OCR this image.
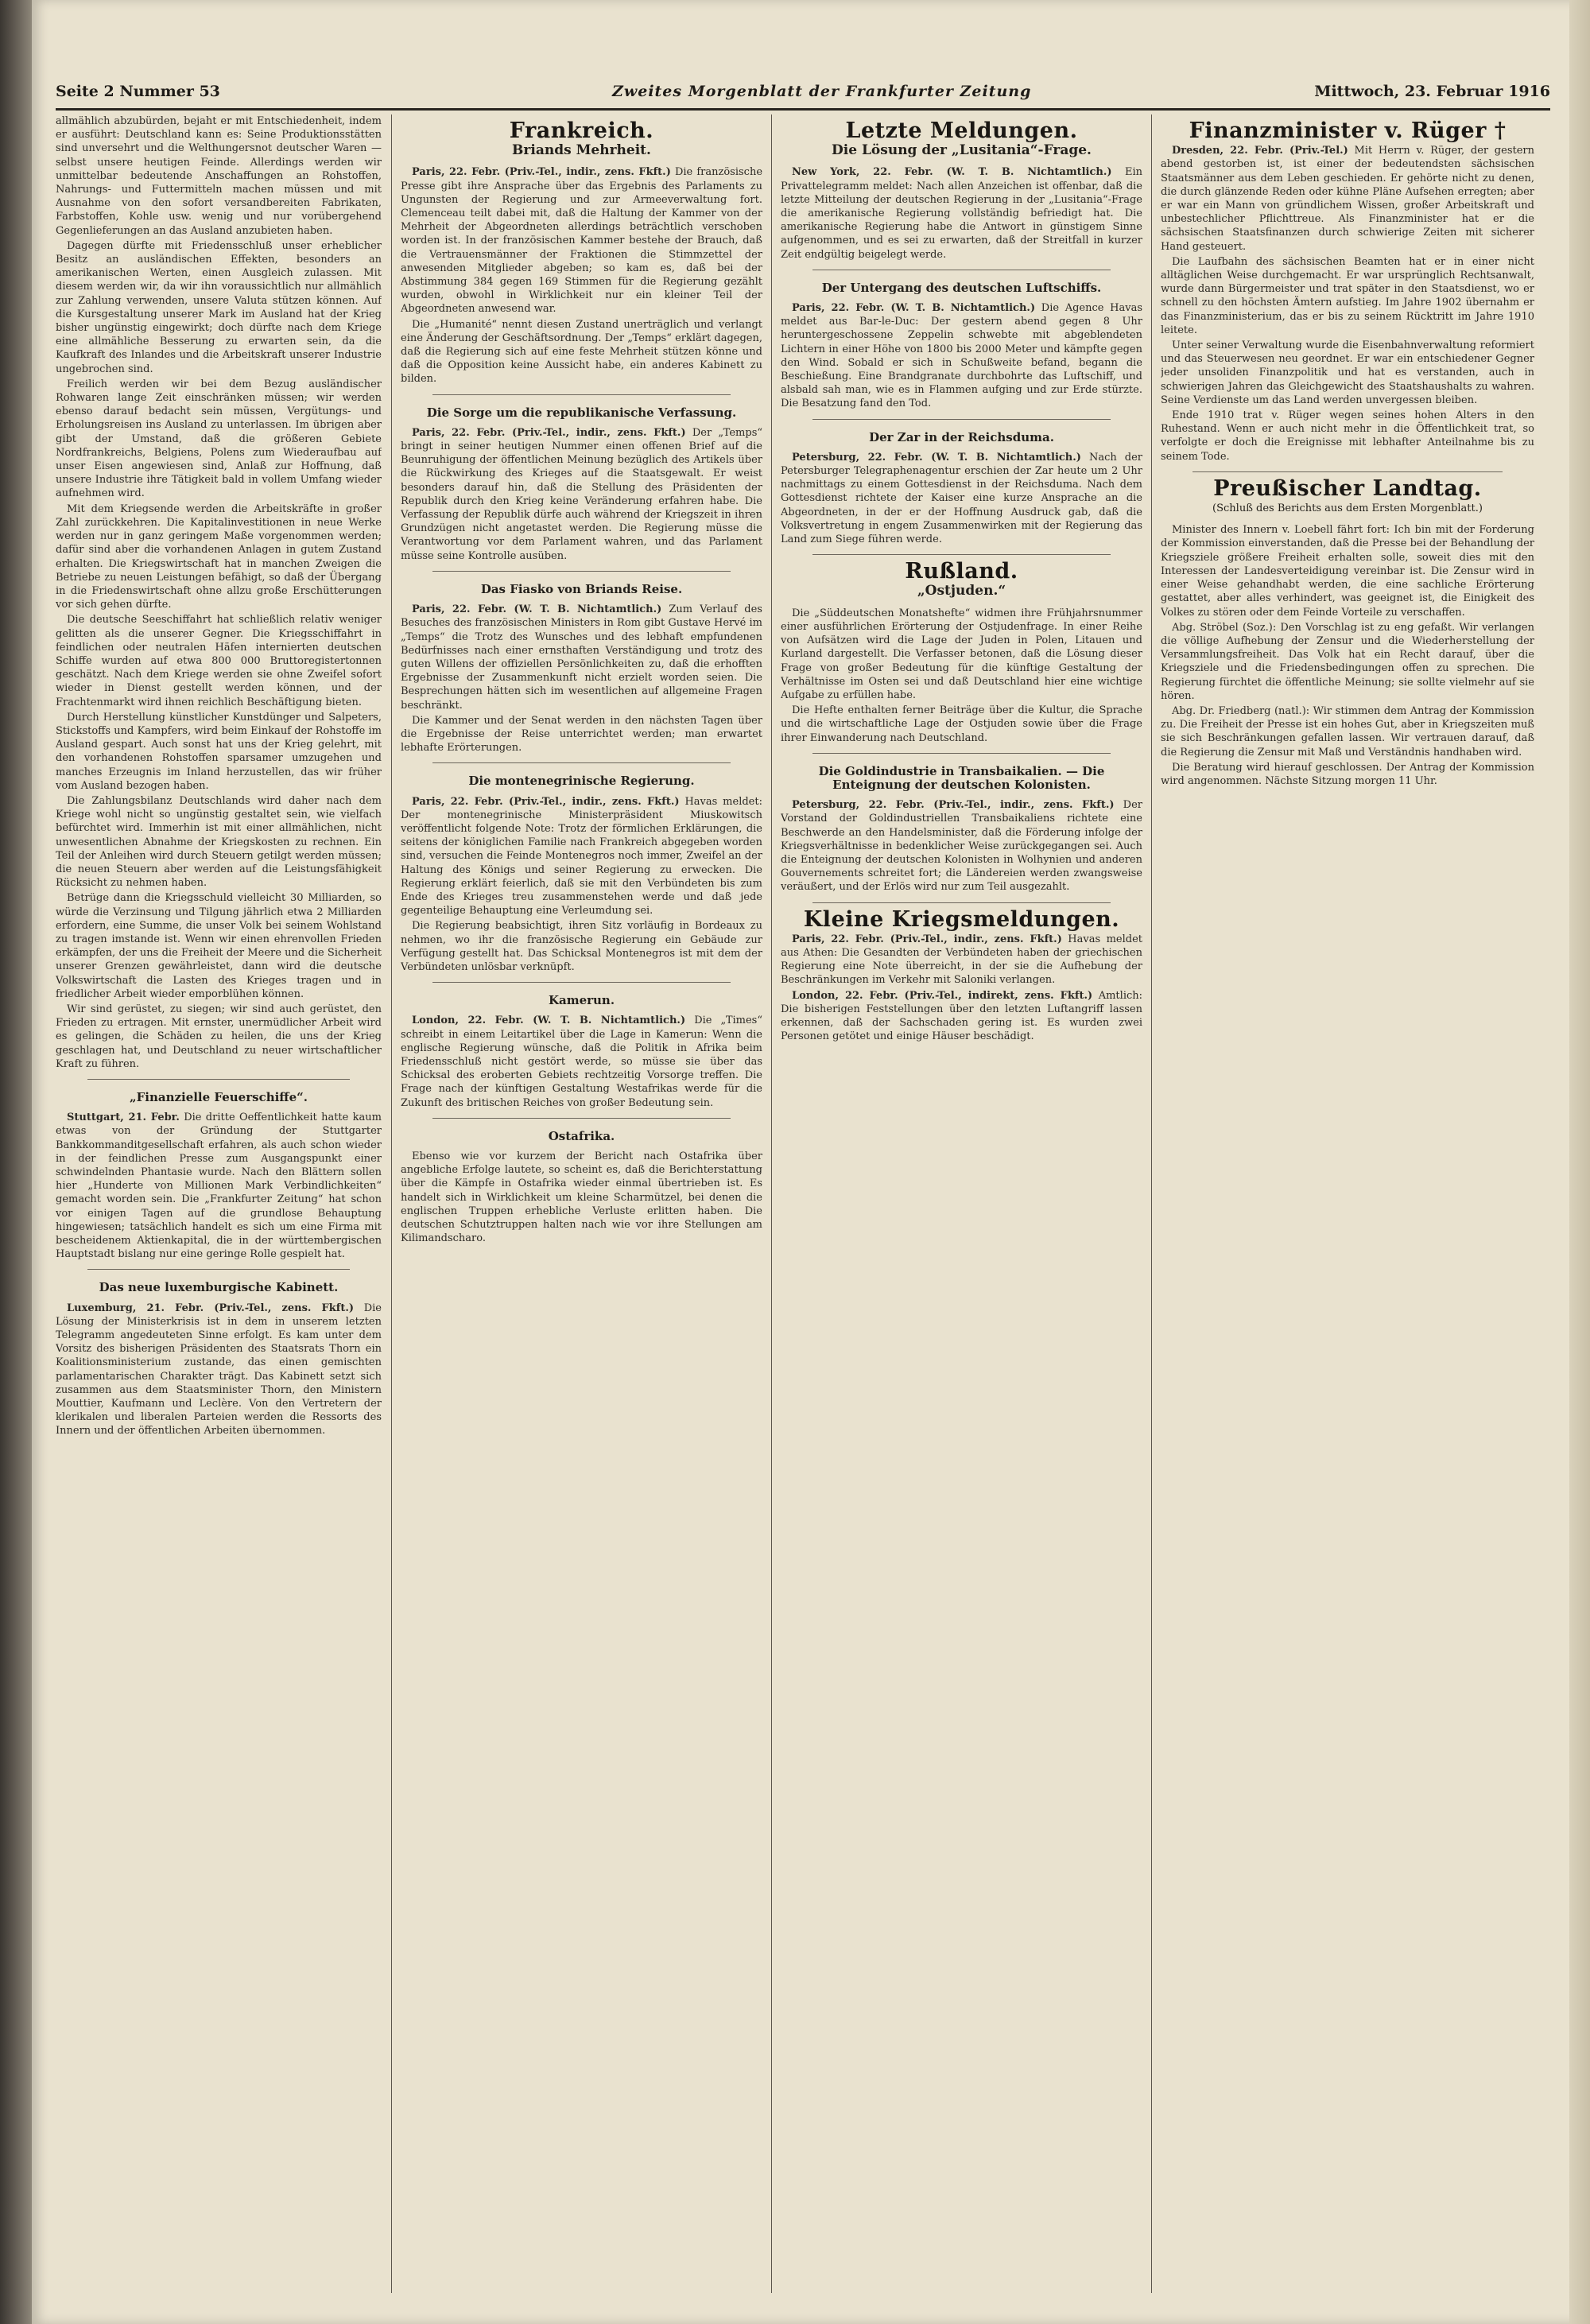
Seite 2 Nummer 53	Zweites Morgenblatt der Frankfurter Zeitung	Mittwoch, 23. Februar 1916

allmählich abzubürden, bejaht er mit Entschiedenheit, indem er ausführt: Deutschland kann es: Seine Produktionsstätten sind unversehrt und die Welthungersnot deutscher Waren — selbst unsere heutigen Feinde. Allerdings werden wir unmittelbar bedeutende Anschaffungen an Rohstoffen, Nahrungs- und Futtermitteln machen müssen und mit Ausnahme von den sofort versandbereiten Fabrikaten, Farbstoffen, Kohle usw. wenig und nur vorübergehend Gegenlieferungen an das Ausland anzubieten haben.

Dagegen dürfte mit Friedensschluß unser erheblicher Besitz an ausländischen Effekten, besonders an amerikanischen Werten, einen Ausgleich zulassen. Mit diesem werden wir, da wir ihn voraussichtlich nur allmählich zur Zahlung verwenden, unsere Valuta stützen können. Auf die Kursgestaltung unserer Mark im Ausland hat der Krieg bisher ungünstig eingewirkt; doch dürfte nach dem Kriege eine allmähliche Besserung zu erwarten sein, da die Kaufkraft des Inlandes und die Arbeitskraft unserer Industrie ungebrochen sind.

Freilich werden wir bei dem Bezug ausländischer Rohwaren lange Zeit einschränken müssen; wir werden ebenso darauf bedacht sein müssen, Vergütungs- und Erholungsreisen ins Ausland zu unterlassen. Im übrigen aber gibt der Umstand, daß die größeren Gebiete Nordfrankreichs, Belgiens, Polens zum Wiederaufbau auf unser Eisen angewiesen sind, Anlaß zur Hoffnung, daß unsere Industrie ihre Tätigkeit bald in vollem Umfang wieder aufnehmen wird.

Mit dem Kriegsende werden die Arbeitskräfte in großer Zahl zurückkehren. Die Kapitalinvestitionen in neue Werke werden nur in ganz geringem Maße vorgenommen werden; dafür sind aber die vorhandenen Anlagen in gutem Zustand erhalten. Die Kriegswirtschaft hat in manchen Zweigen die Betriebe zu neuen Leistungen befähigt, so daß der Übergang in die Friedenswirtschaft ohne allzu große Erschütterungen vor sich gehen dürfte.

Die deutsche Seeschiffahrt hat schließlich relativ weniger gelitten als die unserer Gegner. Die Kriegsschiffahrt in feindlichen oder neutralen Häfen internierten deutschen Schiffe wurden auf etwa 800 000 Bruttoregistertonnen geschätzt. Nach dem Kriege werden sie ohne Zweifel sofort wieder in Dienst gestellt werden können, und der Frachtenmarkt wird ihnen reichlich Beschäftigung bieten.

Durch Herstellung künstlicher Kunstdünger und Salpeters, Stickstoffs und Kampfers, wird beim Einkauf der Rohstoffe im Ausland gespart. Auch sonst hat uns der Krieg gelehrt, mit den vorhandenen Rohstoffen sparsamer umzugehen und manches Erzeugnis im Inland herzustellen, das wir früher vom Ausland bezogen haben.

Die Zahlungsbilanz Deutschlands wird daher nach dem Kriege wohl nicht so ungünstig gestaltet sein, wie vielfach befürchtet wird. Immerhin ist mit einer allmählichen, nicht unwesentlichen Abnahme der Kriegskosten zu rechnen. Ein Teil der Anleihen wird durch Steuern getilgt werden müssen; die neuen Steuern aber werden auf die Leistungsfähigkeit Rücksicht zu nehmen haben.

Betrüge dann die Kriegsschuld vielleicht 30 Milliarden, so würde die Verzinsung und Tilgung jährlich etwa 2 Milliarden erfordern, eine Summe, die unser Volk bei seinem Wohlstand zu tragen imstande ist. Wenn wir einen ehrenvollen Frieden erkämpfen, der uns die Freiheit der Meere und die Sicherheit unserer Grenzen gewährleistet, dann wird die deutsche Volkswirtschaft die Lasten des Krieges tragen und in friedlicher Arbeit wieder emporblühen können.

Wir sind gerüstet, zu siegen; wir sind auch gerüstet, den Frieden zu ertragen. Mit ernster, unermüdlicher Arbeit wird es gelingen, die Schäden zu heilen, die uns der Krieg geschlagen hat, und Deutschland zu neuer wirtschaftlicher Kraft zu führen.

„Finanzielle Feuerschiffe“.

Stuttgart, 21. Febr. Die dritte Oeffentlichkeit hatte kaum etwas von der Gründung der Stuttgarter Bankkommanditgesellschaft erfahren, als auch schon wieder in der feindlichen Presse zum Ausgangspunkt einer schwindelnden Phantasie wurde. Nach den Blättern sollen hier „Hunderte von Millionen Mark Verbindlichkeiten“ gemacht worden sein. Die „Frankfurter Zeitung“ hat schon vor einigen Tagen auf die grundlose Behauptung hingewiesen; tatsächlich handelt es sich um eine Firma mit bescheidenem Aktienkapital, die in der württembergischen Hauptstadt bislang nur eine geringe Rolle gespielt hat.

Das neue luxemburgische Kabinett.

Luxemburg, 21. Febr. (Priv.-Tel., zens. Fkft.) Die Lösung der Ministerkrisis ist in dem in unserem letzten Telegramm angedeuteten Sinne erfolgt. Es kam unter dem Vorsitz des bisherigen Präsidenten des Staatsrats Thorn ein Koalitionsministerium zustande, das einen gemischten parlamentarischen Charakter trägt. Das Kabinett setzt sich zusammen aus dem Staatsminister Thorn, den Ministern Mouttier, Kaufmann und Leclère. Von den Vertretern der klerikalen und liberalen Parteien werden die Ressorts des Innern und der öffentlichen Arbeiten übernommen.

Frankreich.
Briands Mehrheit.

Paris, 22. Febr. (Priv.-Tel., indir., zens. Fkft.) Die französische Presse gibt ihre Ansprache über das Ergebnis des Parlaments zu Ungunsten der Regierung und zur Armeeverwaltung fort. Clemenceau teilt dabei mit, daß die Haltung der Kammer von der Mehrheit der Abgeordneten allerdings beträchtlich verschoben worden ist. In der französischen Kammer bestehe der Brauch, daß die Vertrauensmänner der Fraktionen die Stimmzettel der anwesenden Mitglieder abgeben; so kam es, daß bei der Abstimmung 384 gegen 169 Stimmen für die Regierung gezählt wurden, obwohl in Wirklichkeit nur ein kleiner Teil der Abgeordneten anwesend war.

Die „Humanité“ nennt diesen Zustand unerträglich und verlangt eine Änderung der Geschäftsordnung. Der „Temps“ erklärt dagegen, daß die Regierung sich auf eine feste Mehrheit stützen könne und daß die Opposition keine Aussicht habe, ein anderes Kabinett zu bilden.

Die Sorge um die republikanische Verfassung.

Paris, 22. Febr. (Priv.-Tel., indir., zens. Fkft.) Der „Temps“ bringt in seiner heutigen Nummer einen offenen Brief auf die Beunruhigung der öffentlichen Meinung bezüglich des Artikels über die Rückwirkung des Krieges auf die Staatsgewalt. Er weist besonders darauf hin, daß die Stellung des Präsidenten der Republik durch den Krieg keine Veränderung erfahren habe. Die Verfassung der Republik dürfe auch während der Kriegszeit in ihren Grundzügen nicht angetastet werden. Die Regierung müsse die Verantwortung vor dem Parlament wahren, und das Parlament müsse seine Kontrolle ausüben.

Das Fiasko von Briands Reise.

Paris, 22. Febr. (W. T. B. Nichtamtlich.) Zum Verlauf des Besuches des französischen Ministers in Rom gibt Gustave Hervé im „Temps“ die Trotz des Wunsches und des lebhaft empfundenen Bedürfnisses nach einer ernsthaften Verständigung und trotz des guten Willens der offiziellen Persönlichkeiten zu, daß die erhofften Ergebnisse der Zusammenkunft nicht erzielt worden seien. Die Besprechungen hätten sich im wesentlichen auf allgemeine Fragen beschränkt.

Die Kammer und der Senat werden in den nächsten Tagen über die Ergebnisse der Reise unterrichtet werden; man erwartet lebhafte Erörterungen.

Die montenegrinische Regierung.

Paris, 22. Febr. (Priv.-Tel., indir., zens. Fkft.) Havas meldet: Der montenegrinische Ministerpräsident Miuskowitsch veröffentlicht folgende Note: Trotz der förmlichen Erklärungen, die seitens der königlichen Familie nach Frankreich abgegeben worden sind, versuchen die Feinde Montenegros noch immer, Zweifel an der Haltung des Königs und seiner Regierung zu erwecken. Die Regierung erklärt feierlich, daß sie mit den Verbündeten bis zum Ende des Krieges treu zusammenstehen werde und daß jede gegenteilige Behauptung eine Verleumdung sei.

Die Regierung beabsichtigt, ihren Sitz vorläufig in Bordeaux zu nehmen, wo ihr die französische Regierung ein Gebäude zur Verfügung gestellt hat. Das Schicksal Montenegros ist mit dem der Verbündeten unlösbar verknüpft.

Kamerun.

London, 22. Febr. (W. T. B. Nichtamtlich.) Die „Times“ schreibt in einem Leitartikel über die Lage in Kamerun: Wenn die englische Regierung wünsche, daß die Politik in Afrika beim Friedensschluß nicht gestört werde, so müsse sie über das Schicksal des eroberten Gebiets rechtzeitig Vorsorge treffen. Die Frage nach der künftigen Gestaltung Westafrikas werde für die Zukunft des britischen Reiches von großer Bedeutung sein.

Ostafrika.

Ebenso wie vor kurzem der Bericht nach Ostafrika über angebliche Erfolge lautete, so scheint es, daß die Berichterstattung über die Kämpfe in Ostafrika wieder einmal übertrieben ist. Es handelt sich in Wirklichkeit um kleine Scharmützel, bei denen die englischen Truppen erhebliche Verluste erlitten haben. Die deutschen Schutztruppen halten nach wie vor ihre Stellungen am Kilimandscharo.

Letzte Meldungen.
Die Lösung der „Lusitania“-Frage.

New York, 22. Febr. (W. T. B. Nichtamtlich.) Ein Privattelegramm meldet: Nach allen Anzeichen ist offenbar, daß die letzte Mitteilung der deutschen Regierung in der „Lusitania“-Frage die amerikanische Regierung vollständig befriedigt hat. Die amerikanische Regierung habe die Antwort in günstigem Sinne aufgenommen, und es sei zu erwarten, daß der Streitfall in kurzer Zeit endgültig beigelegt werde.

Der Untergang des deutschen Luftschiffs.

Paris, 22. Febr. (W. T. B. Nichtamtlich.) Die Agence Havas meldet aus Bar-le-Duc: Der gestern abend gegen 8 Uhr heruntergeschossene Zeppelin schwebte mit abgeblendeten Lichtern in einer Höhe von 1800 bis 2000 Meter und kämpfte gegen den Wind. Sobald er sich in Schußweite befand, begann die Beschießung. Eine Brandgranate durchbohrte das Luftschiff, und alsbald sah man, wie es in Flammen aufging und zur Erde stürzte. Die Besatzung fand den Tod.

Der Zar in der Reichsduma.

Petersburg, 22. Febr. (W. T. B. Nichtamtlich.) Nach der Petersburger Telegraphenagentur erschien der Zar heute um 2 Uhr nachmittags zu einem Gottesdienst in der Reichsduma. Nach dem Gottesdienst richtete der Kaiser eine kurze Ansprache an die Abgeordneten, in der er der Hoffnung Ausdruck gab, daß die Volksvertretung in engem Zusammenwirken mit der Regierung das Land zum Siege führen werde.

Rußland.
„Ostjuden.“

Die „Süddeutschen Monatshefte“ widmen ihre Frühjahrsnummer einer ausführlichen Erörterung der Ostjudenfrage. In einer Reihe von Aufsätzen wird die Lage der Juden in Polen, Litauen und Kurland dargestellt. Die Verfasser betonen, daß die Lösung dieser Frage von großer Bedeutung für die künftige Gestaltung der Verhältnisse im Osten sei und daß Deutschland hier eine wichtige Aufgabe zu erfüllen habe.

Die Hefte enthalten ferner Beiträge über die Kultur, die Sprache und die wirtschaftliche Lage der Ostjuden sowie über die Frage ihrer Einwanderung nach Deutschland.

Die Goldindustrie in Transbaikalien. — Die Enteignung der deutschen Kolonisten.

Petersburg, 22. Febr. (Priv.-Tel., indir., zens. Fkft.) Der Vorstand der Goldindustriellen Transbaikaliens richtete eine Beschwerde an den Handelsminister, daß die Förderung infolge der Kriegsverhältnisse in bedenklicher Weise zurückgegangen sei. Auch die Enteignung der deutschen Kolonisten in Wolhynien und anderen Gouvernements schreitet fort; die Ländereien werden zwangsweise veräußert, und der Erlös wird nur zum Teil ausgezahlt.

Kleine Kriegsmeldungen.

Paris, 22. Febr. (Priv.-Tel., indir., zens. Fkft.) Havas meldet aus Athen: Die Gesandten der Verbündeten haben der griechischen Regierung eine Note überreicht, in der sie die Aufhebung der Beschränkungen im Verkehr mit Saloniki verlangen.

London, 22. Febr. (Priv.-Tel., indirekt, zens. Fkft.) Amtlich: Die bisherigen Feststellungen über den letzten Luftangriff lassen erkennen, daß der Sachschaden gering ist. Es wurden zwei Personen getötet und einige Häuser beschädigt.

Finanzminister v. Rüger †

Dresden, 22. Febr. (Priv.-Tel.) Mit Herrn v. Rüger, der gestern abend gestorben ist, ist einer der bedeutendsten sächsischen Staatsmänner aus dem Leben geschieden. Er gehörte nicht zu denen, die durch glänzende Reden oder kühne Pläne Aufsehen erregten; aber er war ein Mann von gründlichem Wissen, großer Arbeitskraft und unbestechlicher Pflichttreue. Als Finanzminister hat er die sächsischen Staatsfinanzen durch schwierige Zeiten mit sicherer Hand gesteuert.

Die Laufbahn des sächsischen Beamten hat er in einer nicht alltäglichen Weise durchgemacht. Er war ursprünglich Rechtsanwalt, wurde dann Bürgermeister und trat später in den Staatsdienst, wo er schnell zu den höchsten Ämtern aufstieg. Im Jahre 1902 übernahm er das Finanzministerium, das er bis zu seinem Rücktritt im Jahre 1910 leitete.

Unter seiner Verwaltung wurde die Eisenbahnverwaltung reformiert und das Steuerwesen neu geordnet. Er war ein entschiedener Gegner jeder unsoliden Finanzpolitik und hat es verstanden, auch in schwierigen Jahren das Gleichgewicht des Staatshaushalts zu wahren. Seine Verdienste um das Land werden unvergessen bleiben.

Ende 1910 trat v. Rüger wegen seines hohen Alters in den Ruhestand. Wenn er auch nicht mehr in die Öffentlichkeit trat, so verfolgte er doch die Ereignisse mit lebhafter Anteilnahme bis zu seinem Tode.

Preußischer Landtag.
(Schluß des Berichts aus dem Ersten Morgenblatt.)

Minister des Innern v. Loebell fährt fort: Ich bin mit der Forderung der Kommission einverstanden, daß die Presse bei der Behandlung der Kriegsziele größere Freiheit erhalten solle, soweit dies mit den Interessen der Landesverteidigung vereinbar ist. Die Zensur wird in einer Weise gehandhabt werden, die eine sachliche Erörterung gestattet, aber alles verhindert, was geeignet ist, die Einigkeit des Volkes zu stören oder dem Feinde Vorteile zu verschaffen.

Abg. Ströbel (Soz.): Den Vorschlag ist zu eng gefaßt. Wir verlangen die völlige Aufhebung der Zensur und die Wiederherstellung der Versammlungsfreiheit. Das Volk hat ein Recht darauf, über die Kriegsziele und die Friedensbedingungen offen zu sprechen. Die Regierung fürchtet die öffentliche Meinung; sie sollte vielmehr auf sie hören.

Abg. Dr. Friedberg (natl.): Wir stimmen dem Antrag der Kommission zu. Die Freiheit der Presse ist ein hohes Gut, aber in Kriegszeiten muß sie sich Beschränkungen gefallen lassen. Wir vertrauen darauf, daß die Regierung die Zensur mit Maß und Verständnis handhaben wird.

Die Beratung wird hierauf geschlossen. Der Antrag der Kommission wird angenommen. Nächste Sitzung morgen 11 Uhr.
